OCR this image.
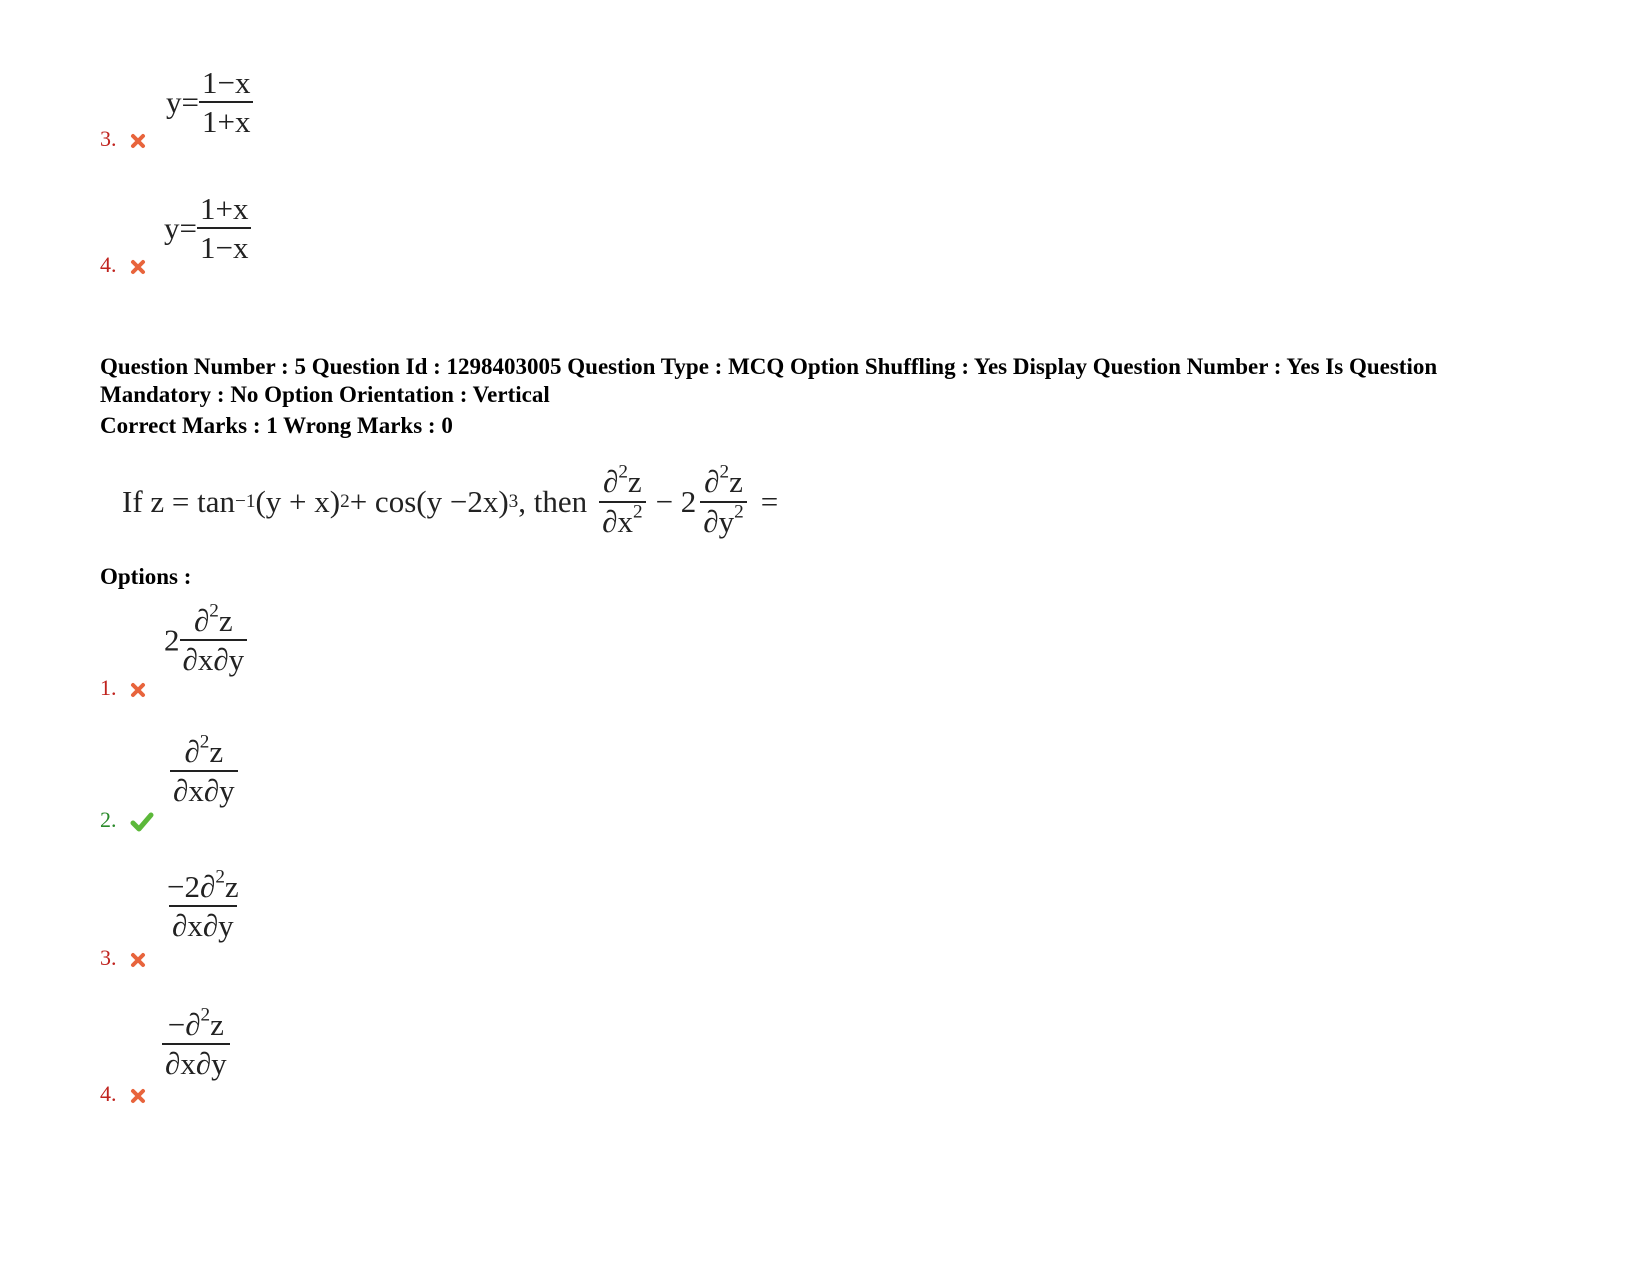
3.
$y= \frac{1-x}{1+x}$
4.
$y= \frac{1+x}{1-x}$
Question Number : 5 Question Id : 1298403005 Question Type : MCQ Option Shuffling : Yes Display Question Number : Yes Is Question
Mandatory : No Option Orientation : Vertical
Correct Marks : 1 Wrong Marks : 0
If z = tan −1 (y + x) 2 + cos(y −2x) 3 , then $\frac{\partial^2z}{\partial x^2} - 2 \frac{\partial^2z}{\partial y^2}$ =
Options :
1.
$2 \frac{\partial^2z}{\partial x\partial y}$
2.
$\frac{\partial^2z}{\partial x\partial y}$
3.
$\frac{-2\partial^2z}{\partial x\partial y}$
4.
$\frac{-\partial^2z}{\partial x\partial y}$
